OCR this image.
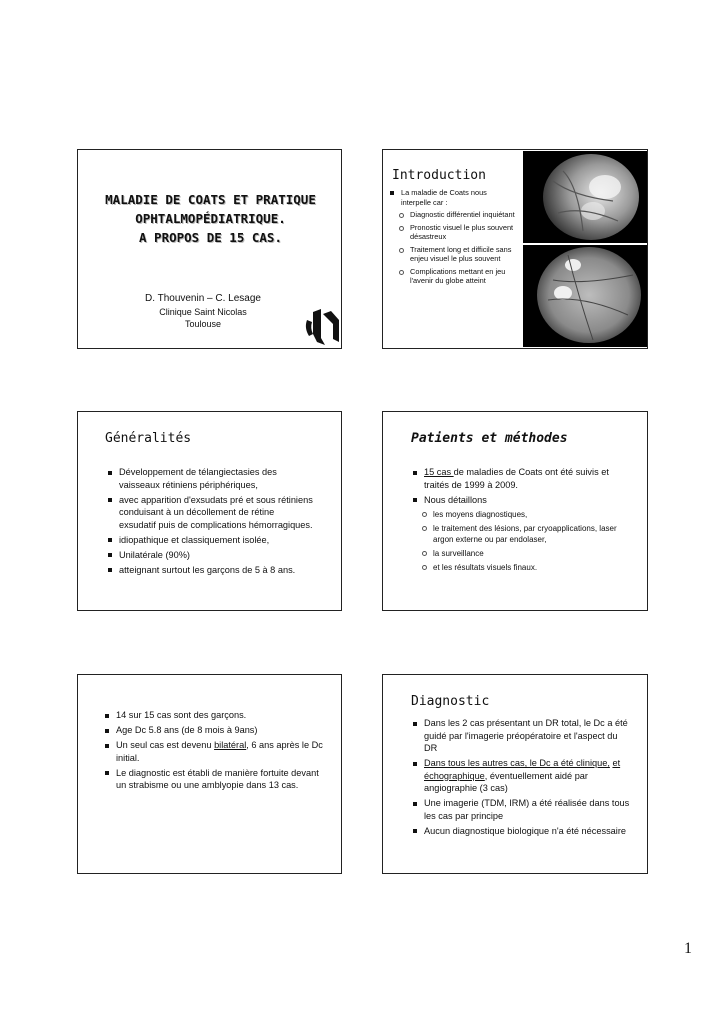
MALADIE DE COATS ET PRATIQUE
OPHTALMOPÉDIATRIQUE.
A PROPOS DE 15 CAS.
D. Thouvenin – C. Lesage
Clinique Saint Nicolas
Toulouse
Introduction
La maladie de Coats nous interpelle car :
Diagnostic différentiel inquiétant
Pronostic visuel le plus souvent désastreux
Traitement long et difficile sans enjeu visuel le plus souvent
Complications mettant en jeu l'avenir du globe atteint
Généralités
Développement de télangiectasies des vaisseaux rétiniens périphériques,
avec apparition d'exsudats pré et sous rétiniens conduisant à un décollement de rétine exsudatif puis de complications hémorragiques.
idiopathique et classiquement isolée,
Unilatérale (90%)
atteignant surtout les garçons de 5 à 8 ans.
Patients et méthodes
15 cas de maladies de Coats ont été suivis et traités de 1999 à 2009.
Nous détaillons
les moyens diagnostiques,
le traitement des lésions, par cryoapplications, laser argon externe ou par endolaser,
la surveillance
et les résultats visuels finaux.
14 sur 15 cas sont des garçons.
Age Dc 5.8 ans (de 8 mois à 9ans)
Un seul cas est devenu bilatéral, 6 ans après le Dc initial.
Le diagnostic est établi de manière fortuite devant un strabisme ou une amblyopie dans 13 cas.
Diagnostic
Dans les 2 cas présentant un DR total, le Dc a été guidé par l'imagerie préopératoire et l'aspect du DR
Dans tous les autres cas, le Dc a été clinique, et échographique, éventuellement aidé par angiographie (3 cas)
Une imagerie (TDM, IRM) a été réalisée dans tous les cas par principe
Aucun diagnostique biologique n'a été nécessaire
1
